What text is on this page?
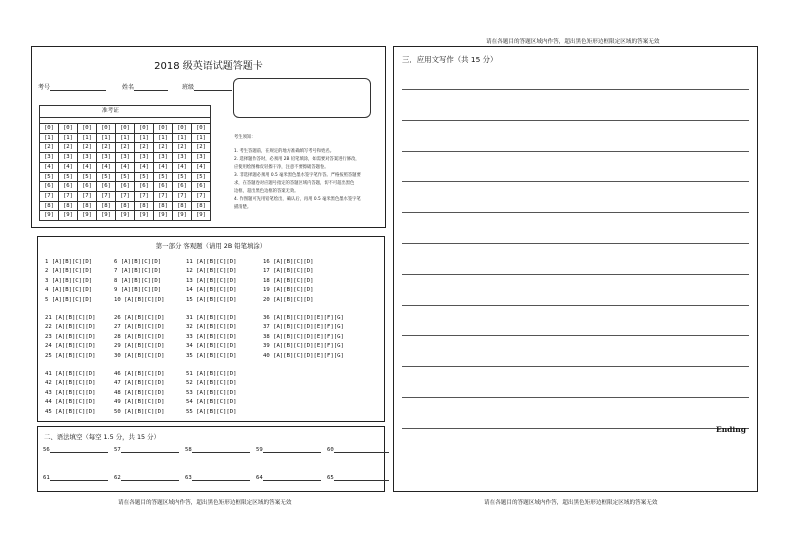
请在各题目的答题区域内作答，超出黑色矩形边框限定区域的答案无效
2018 级英语试题答题卡
考号	姓名	班级
准考证								

[0]	[0]	[0]	[0]	[0]	[0]	[0]	[0]	[0]
[1]	[1]	[1]	[1]	[1]	[1]	[1]	[1]	[1]
[2]	[2]	[2]	[2]	[2]	[2]	[2]	[2]	[2]
[3]	[3]	[3]	[3]	[3]	[3]	[3]	[3]	[3]
[4]	[4]	[4]	[4]	[4]	[4]	[4]	[4]	[4]
[5]	[5]	[5]	[5]	[5]	[5]	[5]	[5]	[5]
[6]	[6]	[6]	[6]	[6]	[6]	[6]	[6]	[6]
[7]	[7]	[7]	[7]	[7]	[7]	[7]	[7]	[7]
[8]	[8]	[8]	[8]	[8]	[8]	[8]	[8]	[8]
[9]	[9]	[9]	[9]	[9]	[9]	[9]	[9]	[9]
考生须知：
1. 考生答题前，在规定的地方准确填写考号和姓名。
2. 选择题作答时，必须用 2B 铅笔填涂，如需要对答案进行修改，
应使用绘图橡皮轻擦干净，注意不要擦破答题卷。
3. 非选择题必须用 0.5 毫米黑色墨水签字笔作答。严格按照答题要
求，在答题卷对应题号指定的答题区域内答题，切不可超出黑色
边框，超出黑色边框的答案无效。
4. 作图题可先用铅笔绘出，确认后，再用 0.5 毫米黑色墨水签字笔
描清楚。
第一部分 客观题（请用 2B 铅笔填涂）
1 [A][B][C][D]	6 [A][B][C][D]	11 [A][B][C][D]	16 [A][B][C][D]
2 [A][B][C][D]	7 [A][B][C][D]	12 [A][B][C][D]	17 [A][B][C][D]
3 [A][B][C][D]	8 [A][B][C][D]	13 [A][B][C][D]	18 [A][B][C][D]
4 [A][B][C][D]	9 [A][B][C][D]	14 [A][B][C][D]	19 [A][B][C][D]
5 [A][B][C][D]	10 [A][B][C][D]	15 [A][B][C][D]	20 [A][B][C][D]
21 [A][B][C][D]	26 [A][B][C][D]	31 [A][B][C][D]	36 [A][B][C][D][E][F][G]
22 [A][B][C][D]	27 [A][B][C][D]	32 [A][B][C][D]	37 [A][B][C][D][E][F][G]
23 [A][B][C][D]	28 [A][B][C][D]	33 [A][B][C][D]	38 [A][B][C][D][E][F][G]
24 [A][B][C][D]	29 [A][B][C][D]	34 [A][B][C][D]	39 [A][B][C][D][E][F][G]
25 [A][B][C][D]	30 [A][B][C][D]	35 [A][B][C][D]	40 [A][B][C][D][E][F][G]
41 [A][B][C][D]	46 [A][B][C][D]	51 [A][B][C][D]
42 [A][B][C][D]	47 [A][B][C][D]	52 [A][B][C][D]
43 [A][B][C][D]	48 [A][B][C][D]	53 [A][B][C][D]
44 [A][B][C][D]	49 [A][B][C][D]	54 [A][B][C][D]
45 [A][B][C][D]	50 [A][B][C][D]	55 [A][B][C][D]
二、语法填空（每空 1.5 分，共 15 分）
56	57	58	59	60
61	62	63	64	65
请在各题目的答题区域内作答，超出黑色矩形边框限定区域的答案无效
三．应用文写作（共 15 分）
Ending
请在各题目的答题区域内作答，超出黑色矩形边框限定区域的答案无效
